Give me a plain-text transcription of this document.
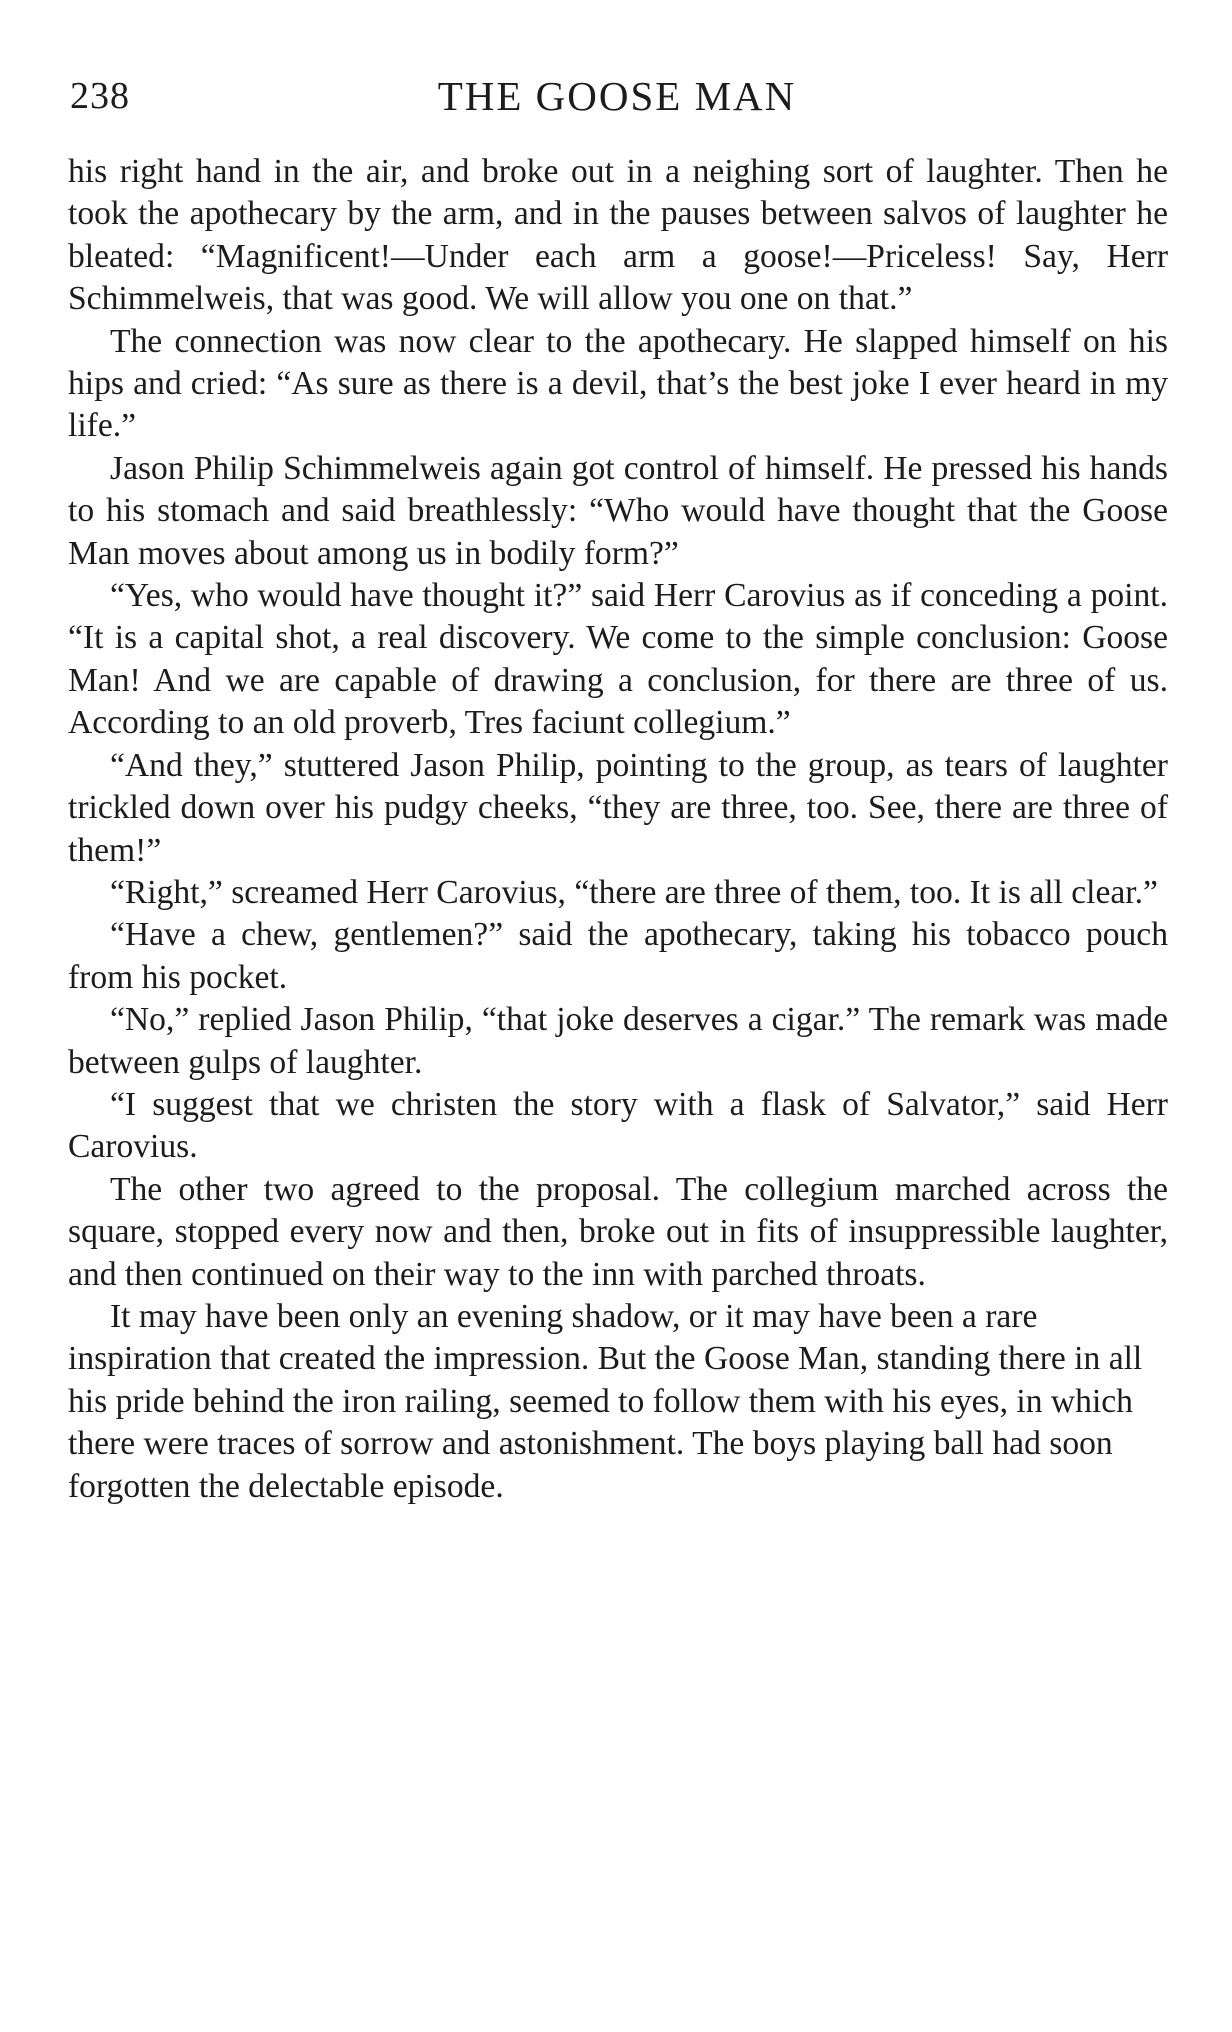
238	THE GOOSE MAN

his right hand in the air, and broke out in a neighing sort of laughter. Then he took the apothecary by the arm, and in the pauses between salvos of laughter he bleated: “Magnificent!—Under each arm a goose!—Priceless! Say, Herr Schimmelweis, that was good. We will allow you one on that.”

The connection was now clear to the apothecary. He slapped himself on his hips and cried: “As sure as there is a devil, that’s the best joke I ever heard in my life.”

Jason Philip Schimmelweis again got control of himself. He pressed his hands to his stomach and said breathlessly: “Who would have thought that the Goose Man moves about among us in bodily form?”

“Yes, who would have thought it?” said Herr Carovius as if conceding a point. “It is a capital shot, a real discovery. We come to the simple conclusion: Goose Man! And we are capable of drawing a conclusion, for there are three of us. According to an old proverb, Tres faciunt collegium.”

“And they,” stuttered Jason Philip, pointing to the group, as tears of laughter trickled down over his pudgy cheeks, “they are three, too. See, there are three of them!”

“Right,” screamed Herr Carovius, “there are three of them, too. It is all clear.”

“Have a chew, gentlemen?” said the apothecary, taking his tobacco pouch from his pocket.

“No,” replied Jason Philip, “that joke deserves a cigar.” The remark was made between gulps of laughter.

“I suggest that we christen the story with a flask of Salvator,” said Herr Carovius.

The other two agreed to the proposal. The collegium marched across the square, stopped every now and then, broke out in fits of insuppressible laughter, and then continued on their way to the inn with parched throats.

It may have been only an evening shadow, or it may have been a rare inspiration that created the impression. But the Goose Man, standing there in all his pride behind the iron railing, seemed to follow them with his eyes, in which there were traces of sorrow and astonishment. The boys playing ball had soon forgotten the delectable episode.
